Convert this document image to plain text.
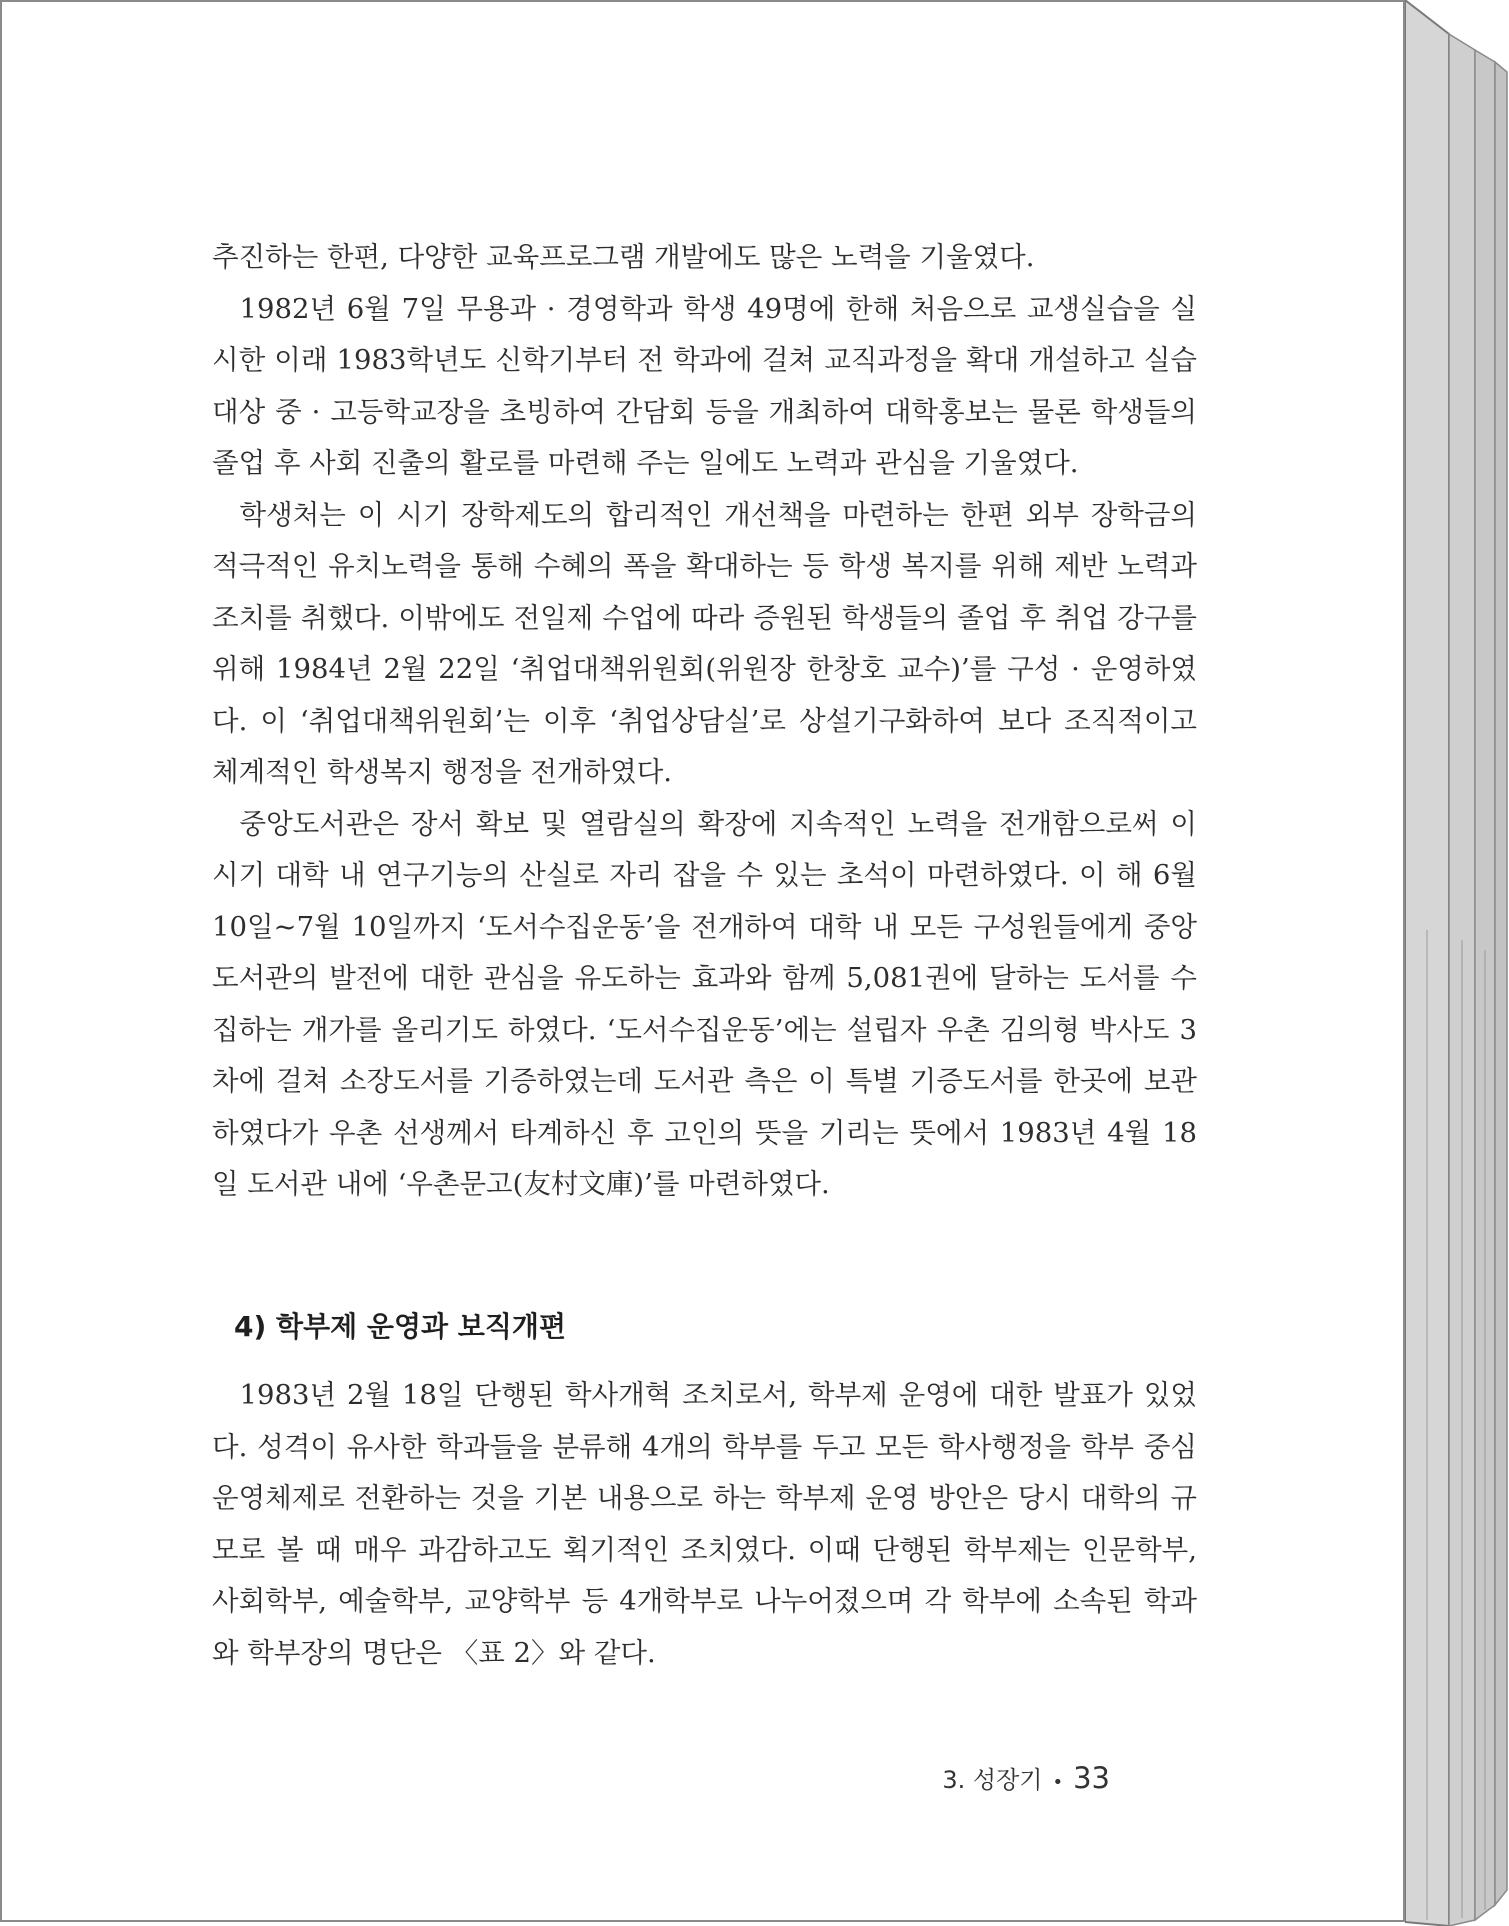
추진하는 한편, 다양한 교육프로그램 개발에도 많은 노력을 기울였다.

1982년 6월 7일 무용과 · 경영학과 학생 49명에 한해 처음으로 교생실습을 실시한 이래 1983학년도 신학기부터 전 학과에 걸쳐 교직과정을 확대 개설하고 실습대상 중 · 고등학교장을 초빙하여 간담회 등을 개최하여 대학홍보는 물론 학생들의 졸업 후 사회 진출의 활로를 마련해 주는 일에도 노력과 관심을 기울였다.

학생처는 이 시기 장학제도의 합리적인 개선책을 마련하는 한편 외부 장학금의 적극적인 유치노력을 통해 수혜의 폭을 확대하는 등 학생 복지를 위해 제반 노력과 조치를 취했다. 이밖에도 전일제 수업에 따라 증원된 학생들의 졸업 후 취업 강구를 위해 1984년 2월 22일 ‘취업대책위원회(위원장 한창호 교수)’를 구성 · 운영하였다. 이 ‘취업대책위원회’는 이후 ‘취업상담실’로 상설기구화하여 보다 조직적이고 체계적인 학생복지 행정을 전개하였다.

중앙도서관은 장서 확보 및 열람실의 확장에 지속적인 노력을 전개함으로써 이 시기 대학 내 연구기능의 산실로 자리 잡을 수 있는 초석이 마련하였다. 이 해 6월 10일~7월 10일까지 ‘도서수집운동’을 전개하여 대학 내 모든 구성원들에게 중앙도서관의 발전에 대한 관심을 유도하는 효과와 함께 5,081권에 달하는 도서를 수집하는 개가를 올리기도 하였다. ‘도서수집운동’에는 설립자 우촌 김의형 박사도 3차에 걸쳐 소장도서를 기증하였는데 도서관 측은 이 특별 기증도서를 한곳에 보관하였다가 우촌 선생께서 타계하신 후 고인의 뜻을 기리는 뜻에서 1983년 4월 18일 도서관 내에 ‘우촌문고(友村文庫)’를 마련하였다.

4) 학부제 운영과 보직개편

1983년 2월 18일 단행된 학사개혁 조치로서, 학부제 운영에 대한 발표가 있었다. 성격이 유사한 학과들을 분류해 4개의 학부를 두고 모든 학사행정을 학부 중심 운영체제로 전환하는 것을 기본 내용으로 하는 학부제 운영 방안은 당시 대학의 규모로 볼 때 매우 과감하고도 획기적인 조치였다. 이때 단행된 학부제는 인문학부, 사회학부, 예술학부, 교양학부 등 4개학부로 나누어졌으며 각 학부에 소속된 학과와 학부장의 명단은 〈표 2〉와 같다.

3. 성장기 • 33
